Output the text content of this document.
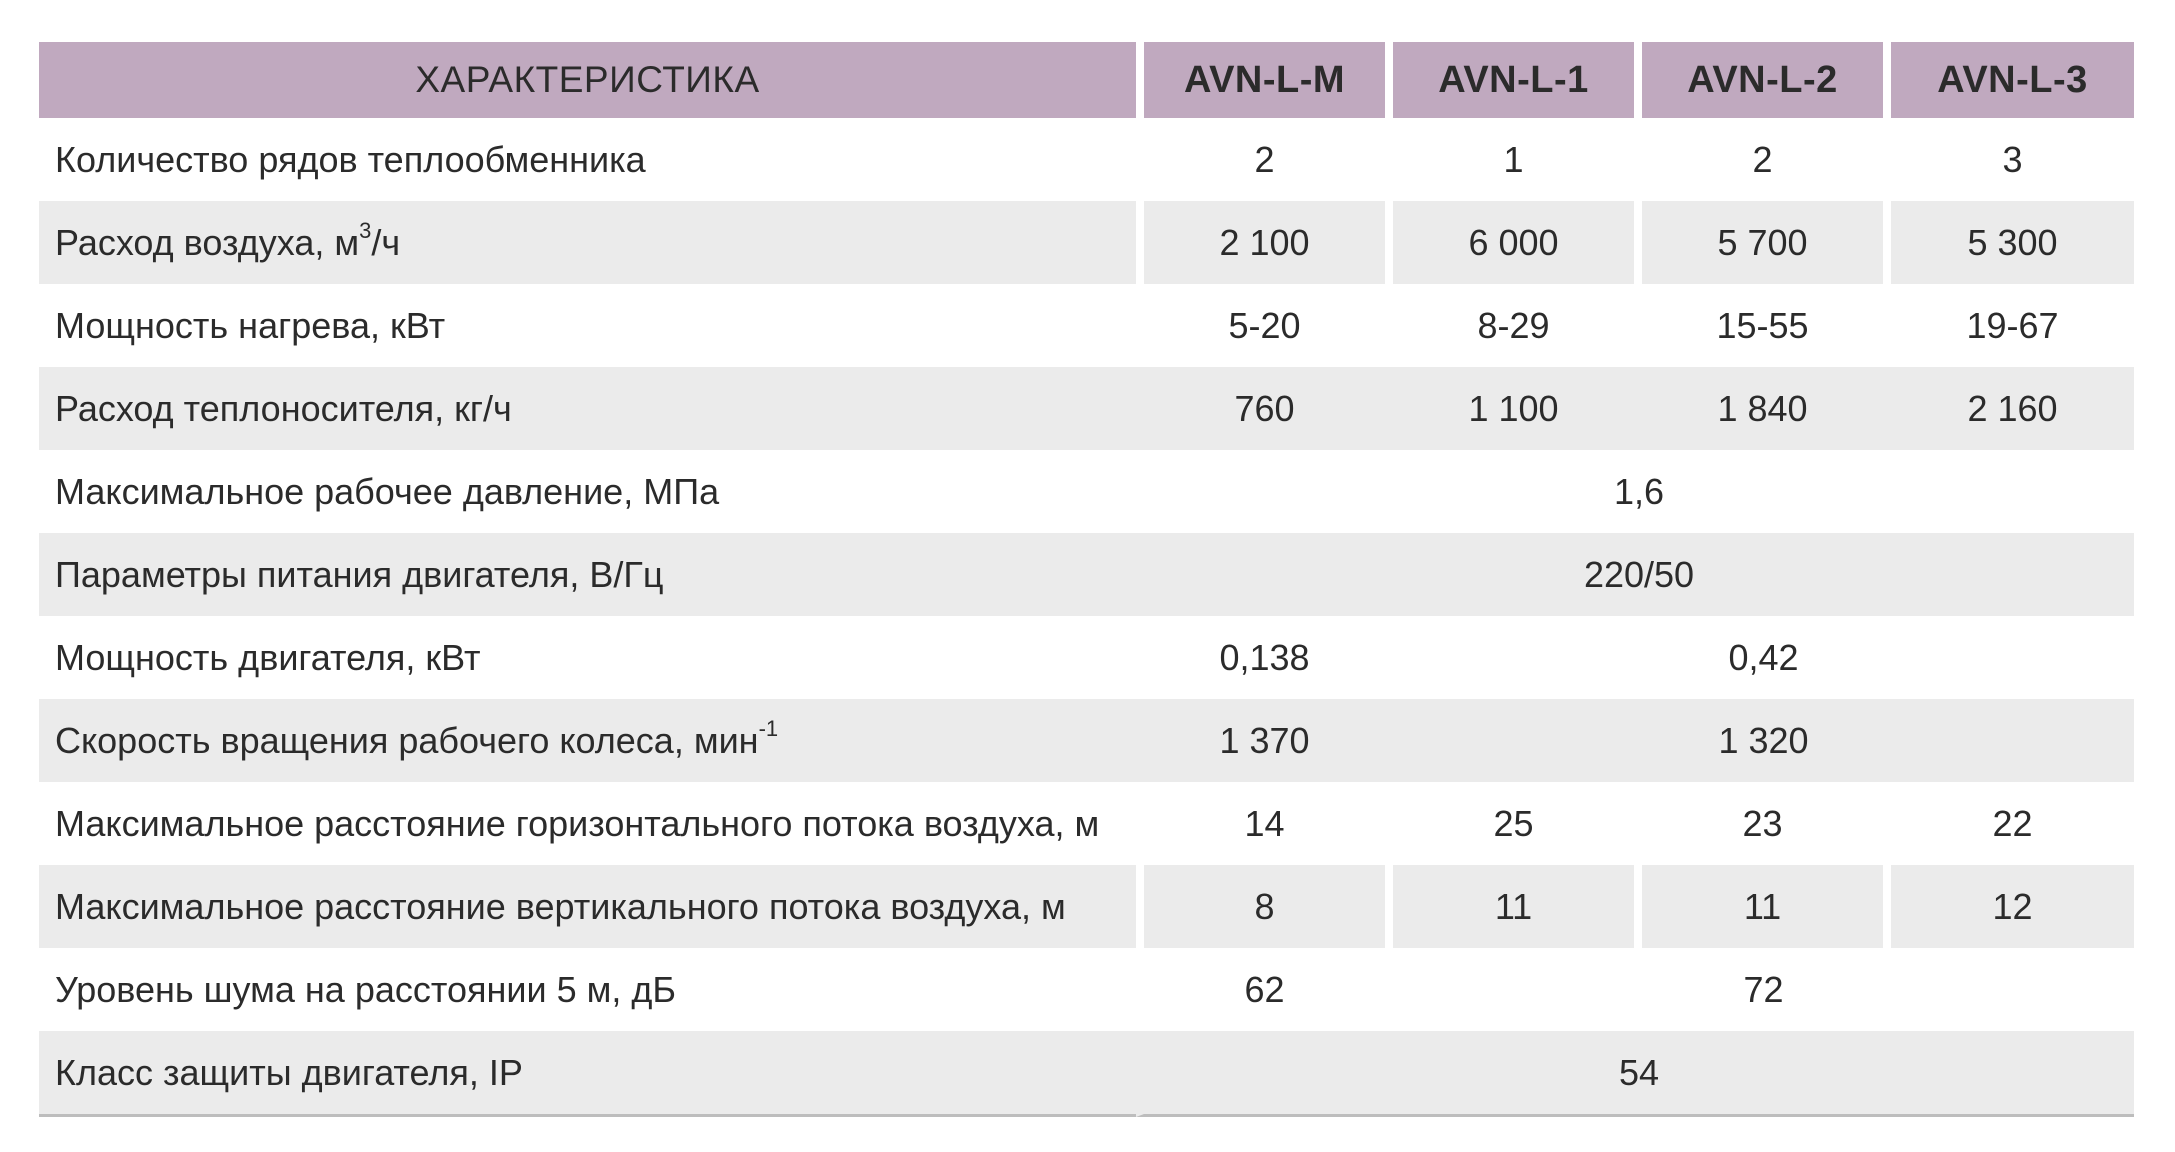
ХАРАКТЕРИСТИКА	AVN-L-M	AVN-L-1	AVN-L-2	AVN-L-3
Количество рядов теплообменника	2	1	2	3
Расход воздуха, $м^3/ч$	2 100	6 000	5 700	5 300
Мощность нагрева, кВт	5-20	8-29	15-55	19-67
Расход теплоносителя, кг/ч	760	1 100	1 840	2 160
Максимальное рабочее давление, МПа	1,6			
Параметры питания двигателя, В/Гц	220/50			
Мощность двигателя, кВт	0,138	0,42		
Скорость вращения рабочего колеса, мин$^{-1}$	1 370	1 320		
Максимальное расстояние горизонтального потока воздуха, м	14	25	23	22
Максимальное расстояние вертикального потока воздуха, м	8	11	11	12
Уровень шума на расстоянии 5 м, дБ	62	72		
Класс защиты двигателя, IP	54			
